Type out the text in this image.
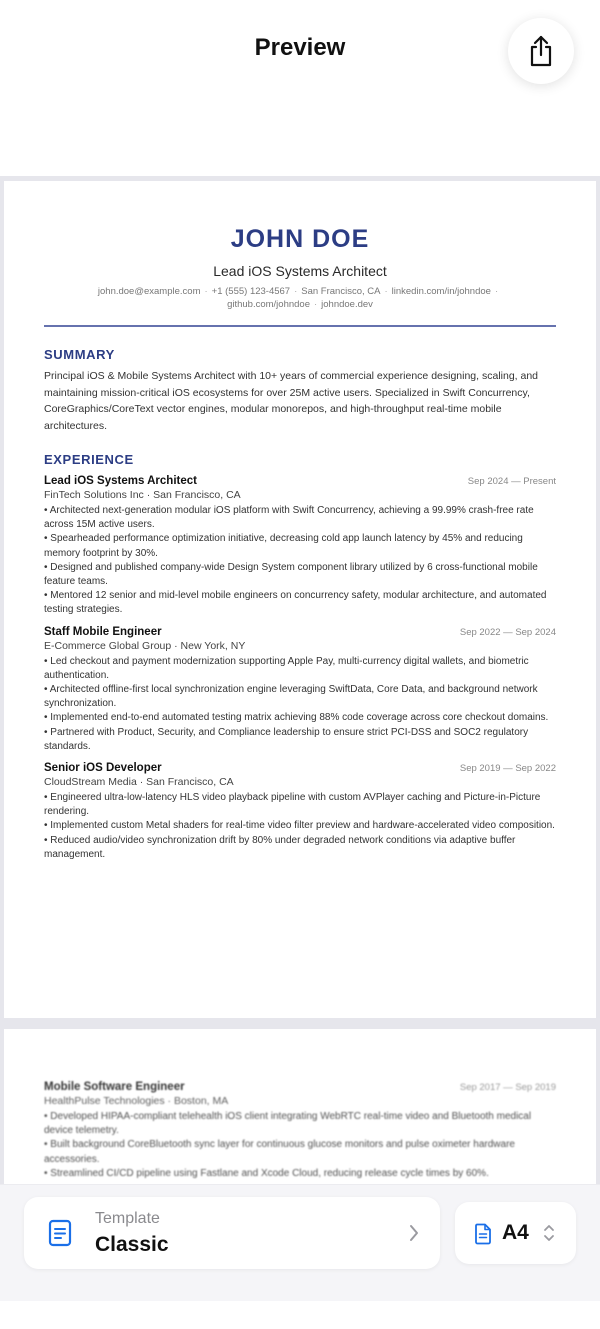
Preview
JOHN DOE
Lead iOS Systems Architect
john.doe@example.com · +1 (555) 123-4567 · San Francisco, CA · linkedin.com/in/johndoe ·
github.com/johndoe · johndoe.dev
SUMMARY
Principal iOS & Mobile Systems Architect with 10+ years of commercial experience designing, scaling, and maintaining mission-critical iOS ecosystems for over 25M active users. Specialized in Swift Concurrency, CoreGraphics/CoreText vector engines, modular monorepos, and high-throughput real-time mobile architectures.
EXPERIENCE
Lead iOS Systems Architect	Sep 2024 — Present
FinTech Solutions Inc · San Francisco, CA
• Architected next-generation modular iOS platform with Swift Concurrency, achieving a 99.99% crash-free rate across 15M active users.
• Spearheaded performance optimization initiative, decreasing cold app launch latency by 45% and reducing memory footprint by 30%.
• Designed and published company-wide Design System component library utilized by 6 cross-functional mobile feature teams.
• Mentored 12 senior and mid-level mobile engineers on concurrency safety, modular architecture, and automated testing strategies.
Staff Mobile Engineer	Sep 2022 — Sep 2024
E-Commerce Global Group · New York, NY
• Led checkout and payment modernization supporting Apple Pay, multi-currency digital wallets, and biometric authentication.
• Architected offline-first local synchronization engine leveraging SwiftData, Core Data, and background network synchronization.
• Implemented end-to-end automated testing matrix achieving 88% code coverage across core checkout domains.
• Partnered with Product, Security, and Compliance leadership to ensure strict PCI-DSS and SOC2 regulatory standards.
Senior iOS Developer	Sep 2019 — Sep 2022
CloudStream Media · San Francisco, CA
• Engineered ultra-low-latency HLS video playback pipeline with custom AVPlayer caching and Picture-in-Picture rendering.
• Implemented custom Metal shaders for real-time video filter preview and hardware-accelerated video composition.
• Reduced audio/video synchronization drift by 80% under degraded network conditions via adaptive buffer management.
Mobile Software Engineer	Sep 2017 — Sep 2019
HealthPulse Technologies · Boston, MA
• Developed HIPAA-compliant telehealth iOS client integrating WebRTC real-time video and Bluetooth medical device telemetry.
• Built background CoreBluetooth sync layer for continuous glucose monitors and pulse oximeter hardware accessories.
• Streamlined CI/CD pipeline using Fastlane and Xcode Cloud, reducing release cycle times by 60%.
Template
Classic
A4
